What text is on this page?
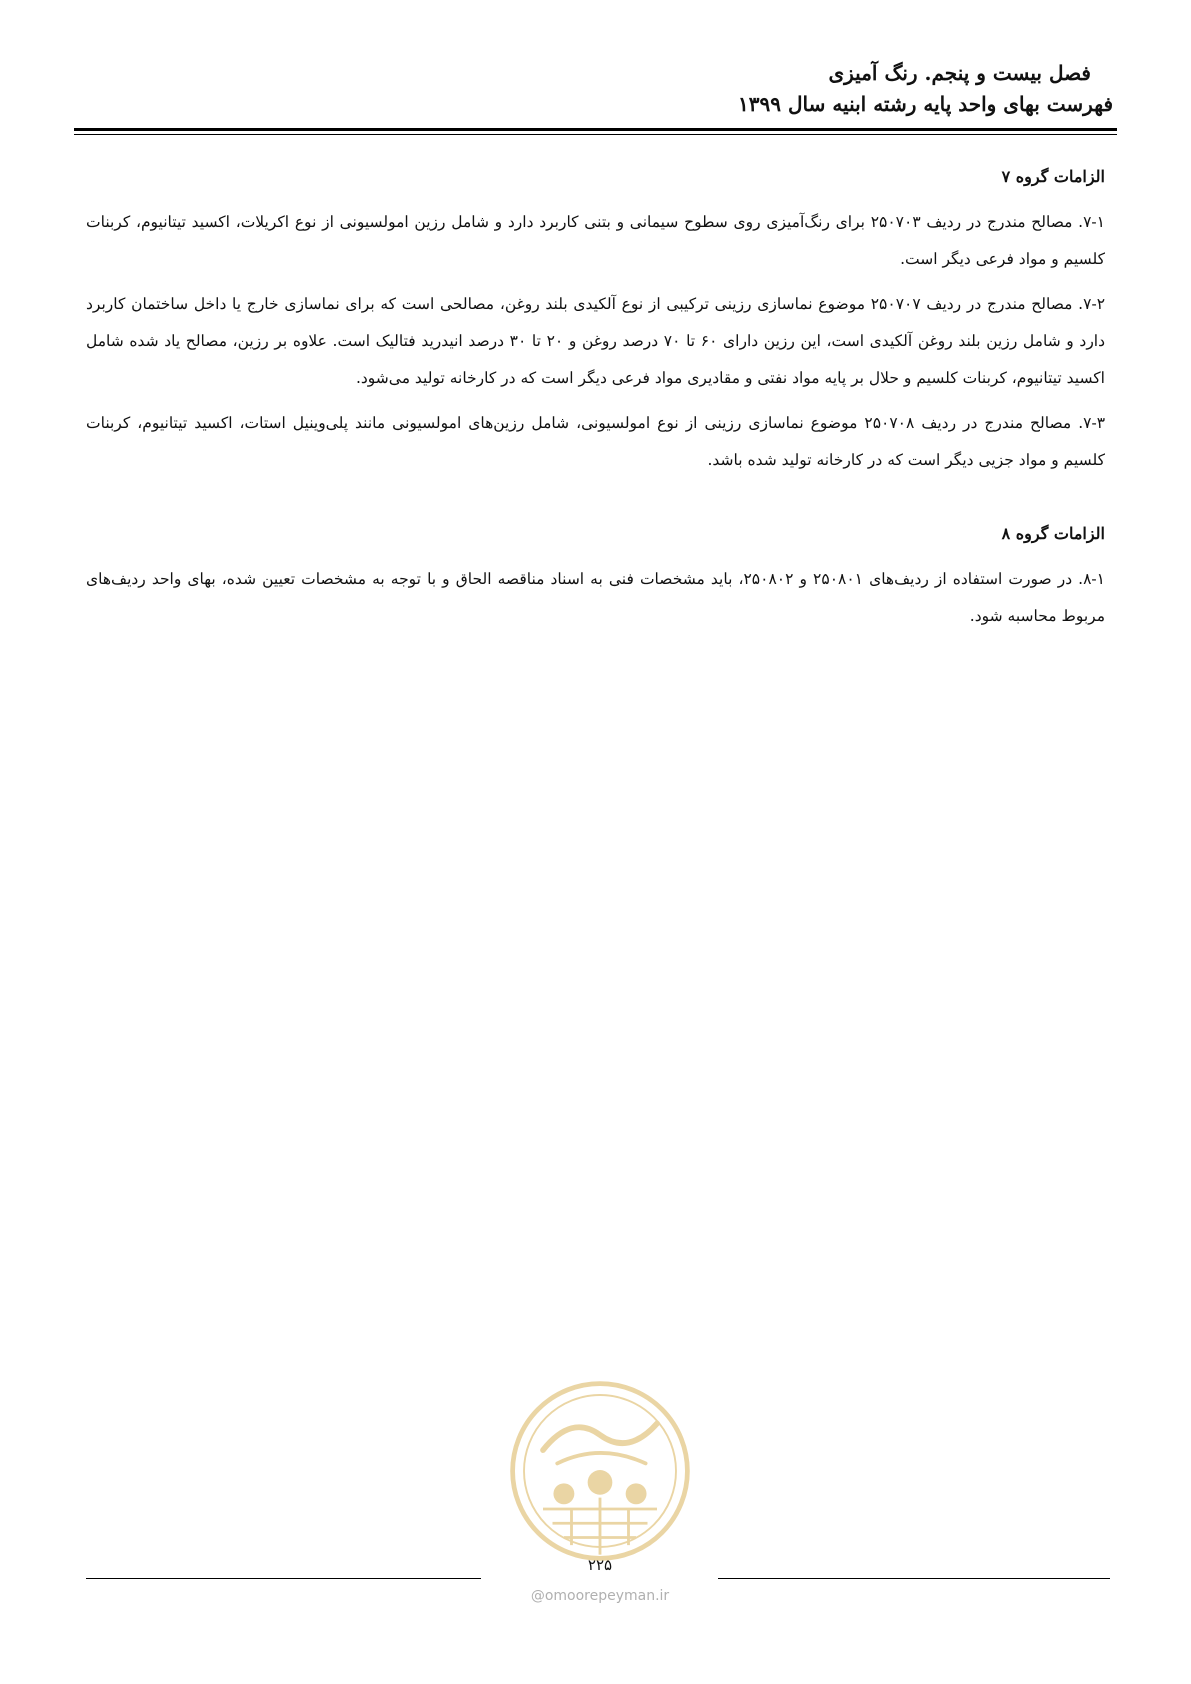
فصل بیست و پنجم. رنگ آمیزی
فهرست بهای واحد پایه رشته ابنیه سال ۱۳۹۹
الزامات گروه ۷

۷-۱. مصالح مندرج در ردیف ۲۵۰۷۰۳ برای رنگ‌آمیزی روی سطوح سیمانی و بتنی کاربرد دارد و شامل رزین امولسیونی از نوع اکریلات، اکسید تیتانیوم، کربنات کلسیم و مواد فرعی دیگر است.

۷-۲. مصالح مندرج در ردیف ۲۵۰۷۰۷ موضوع نماسازی رزینی ترکیبی از نوع آلکیدی بلند روغن، مصالحی است که برای نماسازی خارج یا داخل ساختمان کاربرد دارد و شامل رزین بلند روغن آلکیدی است، این رزین دارای ۶۰ تا ۷۰ درصد روغن و ۲۰ تا ۳۰ درصد انیدرید فتالیک است. علاوه بر رزین، مصالح یاد شده شامل اکسید تیتانیوم، کربنات کلسیم و حلال بر پایه مواد نفتی و مقادیری مواد فرعی دیگر است که در کارخانه تولید می‌شود.

۷-۳. مصالح مندرج در ردیف ۲۵۰۷۰۸ موضوع نماسازی رزینی از نوع امولسیونی، شامل رزین‌های امولسیونی مانند پلی‌وینیل استات، اکسید تیتانیوم، کربنات کلسیم و مواد جزیی دیگر است که در کارخانه تولید شده باشد.

الزامات گروه ۸

۸-۱. در صورت استفاده از ردیف‌های ۲۵۰۸۰۱ و ۲۵۰۸۰۲، باید مشخصات فنی به اسناد مناقصه الحاق و با توجه به مشخصات تعیین شده، بهای واحد ردیف‌های مربوط محاسبه شود.

۲۲۵
@omoorepeyman.ir
